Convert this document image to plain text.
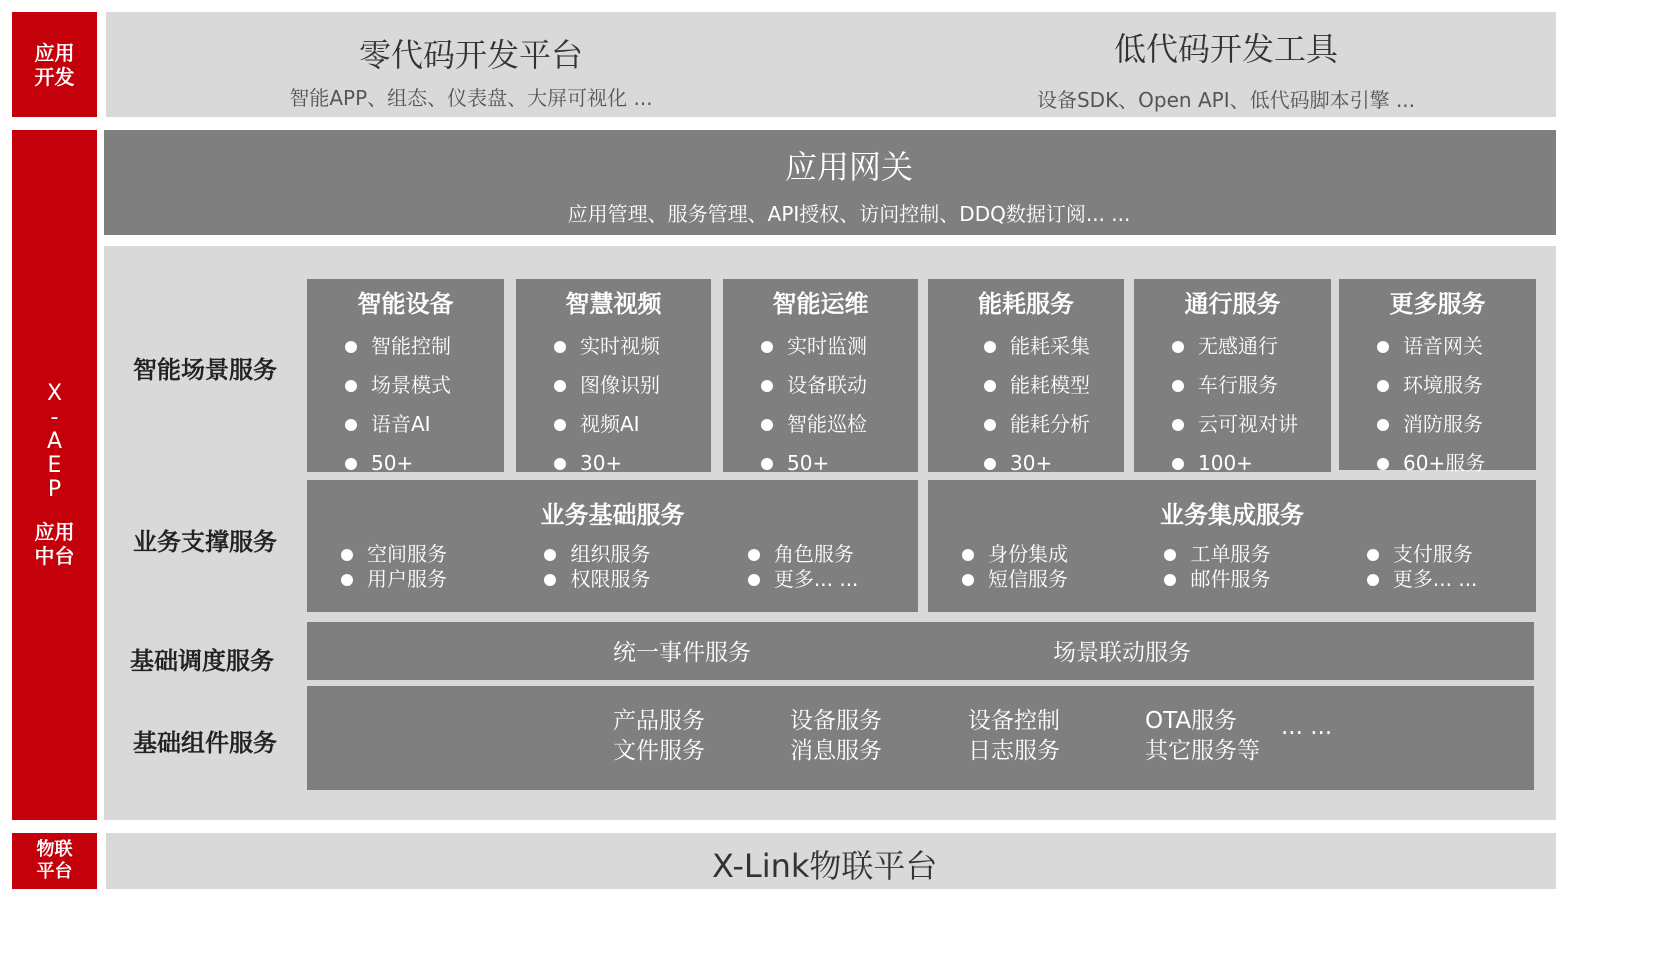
应用
开发
X
-
A
E
P
应用
中台
物联
平台
零代码开发平台
智能APP、组态、仪表盘、大屏可视化 ...
低代码开发工具
设备SDK、Open API、低代码脚本引擎 ...
应用网关
应用管理、服务管理、API授权、访问控制、DDQ数据订阅... ...
智能场景服务
业务支撑服务
基础调度服务
基础组件服务
智能设备
智能控制
场景模式
语音AI
50+
智慧视频
实时视频
图像识别
视频AI
30+
智能运维
实时监测
设备联动
智能巡检
50+
能耗服务
能耗采集
能耗模型
能耗分析
30+
通行服务
无感通行
车行服务
云可视对讲
100+
更多服务
语音网关
环境服务
消防服务
60+服务
业务基础服务
空间服务
用户服务
组织服务
权限服务
角色服务
更多... ...
业务集成服务
身份集成
短信服务
工单服务
邮件服务
支付服务
更多... ...
统一事件服务	场景联动服务
... ...
产品服务
文件服务
设备服务
消息服务
设备控制
日志服务
OTA服务
其它服务等
X-Link物联平台
